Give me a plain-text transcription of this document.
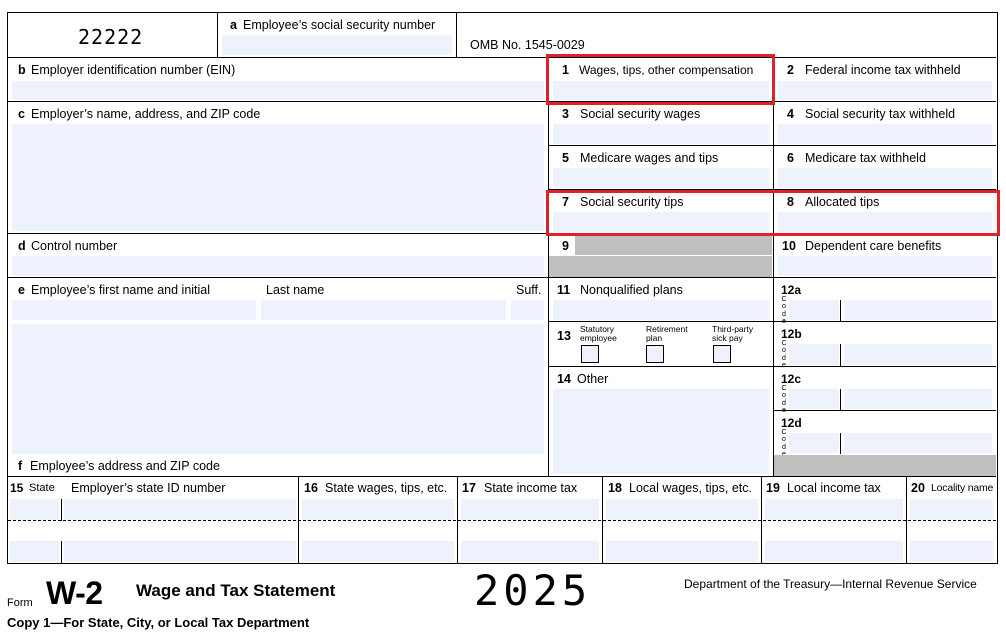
22222	a Employee’s social security number
OMB No. 1545-0029
b Employer identification number (EIN)
c Employer’s name, address, and ZIP code
d Control number
e Employee’s first name and initial	Last name	Suff.
f Employee’s address and ZIP code
1 Wages, tips, other compensation	2 Federal income tax withheld
3 Social security wages	4 Social security tax withheld
5 Medicare wages and tips	6 Medicare tax withheld
7 Social security tips	8 Allocated tips
9	10 Dependent care benefits
11 Nonqualified plans
13 Statutory employee
Retirement plan
Third-party sick pay
14 Other
12a
C
o
d
e
12b
C
o
d
e
12c
C
o
d
e
12d
C
o
d

15 State Employer’s state ID number	16 State wages, tips, etc. 17 State income tax 18 Local wages, tips, etc. 19 Local income tax 20 Locality name
Form W-2 Wage and Tax Statement	2025	Department of the Treasury—Internal Revenue Service
Copy 1—For State, City, or Local Tax Department
